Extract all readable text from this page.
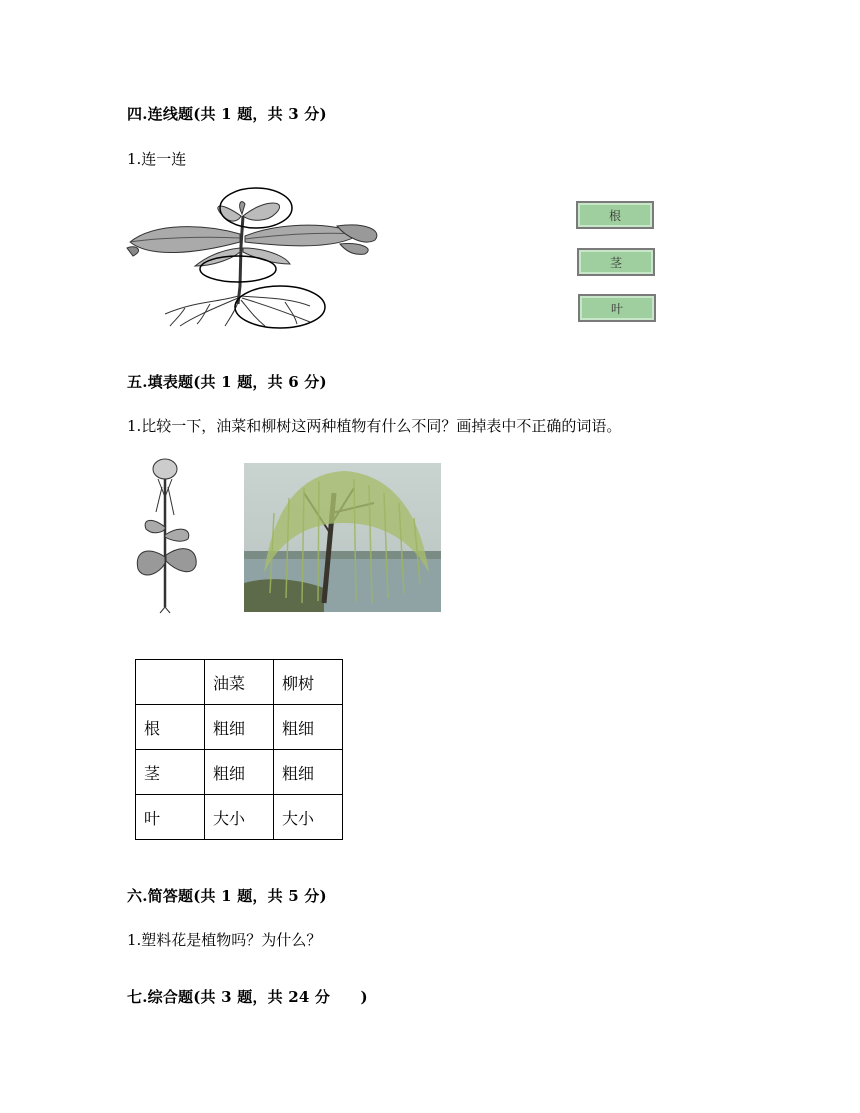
四.连线题(共 1 题，共 3 分)
1.连一连
根
茎
叶
五.填表题(共 1 题，共 6 分)
1.比较一下，油菜和柳树这两种植物有什么不同？画掉表中不正确的词语。
	油菜	柳树
根	粗细	粗细
茎	粗细	粗细
叶	大小	大小
六.简答题(共 1 题，共 5 分)
1.塑料花是植物吗？为什么？
七.综合题(共 3 题，共 24 分　　)
